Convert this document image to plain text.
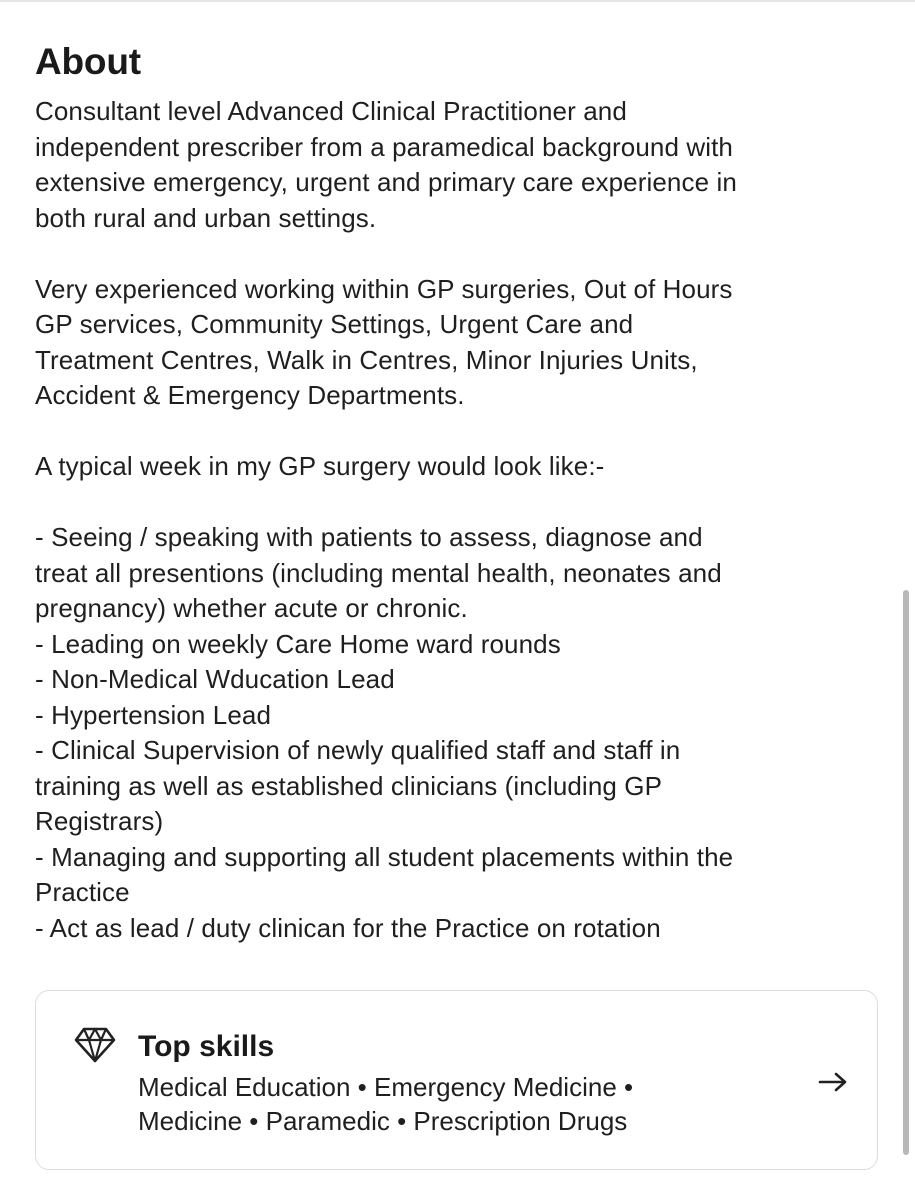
About

Consultant level Advanced Clinical Practitioner and
independent prescriber from a paramedical background with
extensive emergency, urgent and primary care experience in
both rural and urban settings.

Very experienced working within GP surgeries, Out of Hours
GP services, Community Settings, Urgent Care and
Treatment Centres, Walk in Centres, Minor Injuries Units,
Accident & Emergency Departments.

A typical week in my GP surgery would look like:-

- Seeing / speaking with patients to assess, diagnose and
treat all presentions (including mental health, neonates and
pregnancy) whether acute or chronic.
- Leading on weekly Care Home ward rounds
- Non-Medical Wducation Lead
- Hypertension Lead
- Clinical Supervision of newly qualified staff and staff in
training as well as established clinicians (including GP
Registrars)
- Managing and supporting all student placements within the
Practice
- Act as lead / duty clinican for the Practice on rotation

Top skills
Medical Education • Emergency Medicine •
Medicine • Paramedic • Prescription Drugs
